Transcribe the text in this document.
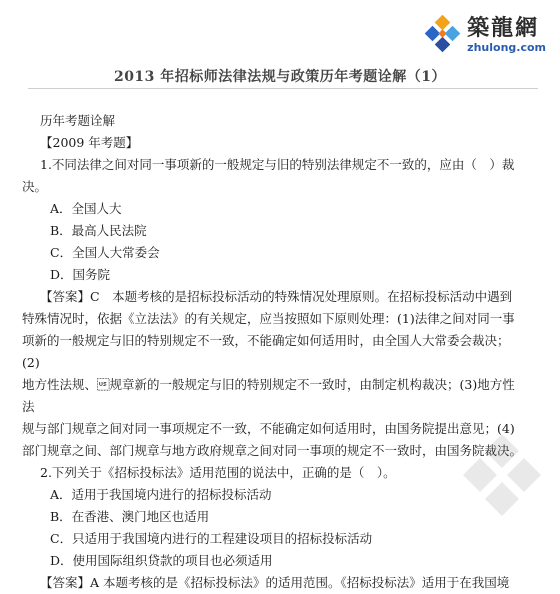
築龍網
zhulong.com
2013 年招标师法律法规与政策历年考题诠解（1）

历年考题诠解

【2009 年考题】

1.不同法律之间对同一事项新的一般规定与旧的特别法律规定不一致的，应由（　）裁

决。

A．全国人大

B．最高人民法院

C．全国人大常委会

D．国务院

【答案】C　本题考核的是招标投标活动的特殊情况处理原则。在招标投标活动中遇到

特殊情况时，依据《立法法》的有关规定，应当按照如下原则处理：(1)法律之间对同一事

项新的一般规定与旧的特别规定不一致，不能确定如何适用时，由全国人大常委会裁决；(2)

地方性法规、规章新的一般规定与旧的特别规定不一致时，由制定机构裁决；(3)地方性法

规与部门规章之间对同一事项规定不一致，不能确定如何适用时，由国务院提出意见；(4)

部门规章之间、部门规章与地方政府规章之间对同一事项的规定不一致时，由国务院裁决。

2.下列关于《招标投标法》适用范围的说法中，正确的是（　）。

A．适用于我国境内进行的招标投标活动

B．在香港、澳门地区也适用

C．只适用于我国境内进行的工程建设项目的招标投标活动

D．使用国际组织贷款的项目也必须适用

【答案】A 本题考核的是《招标投标法》的适用范围。《招标投标法》适用于在我国境
